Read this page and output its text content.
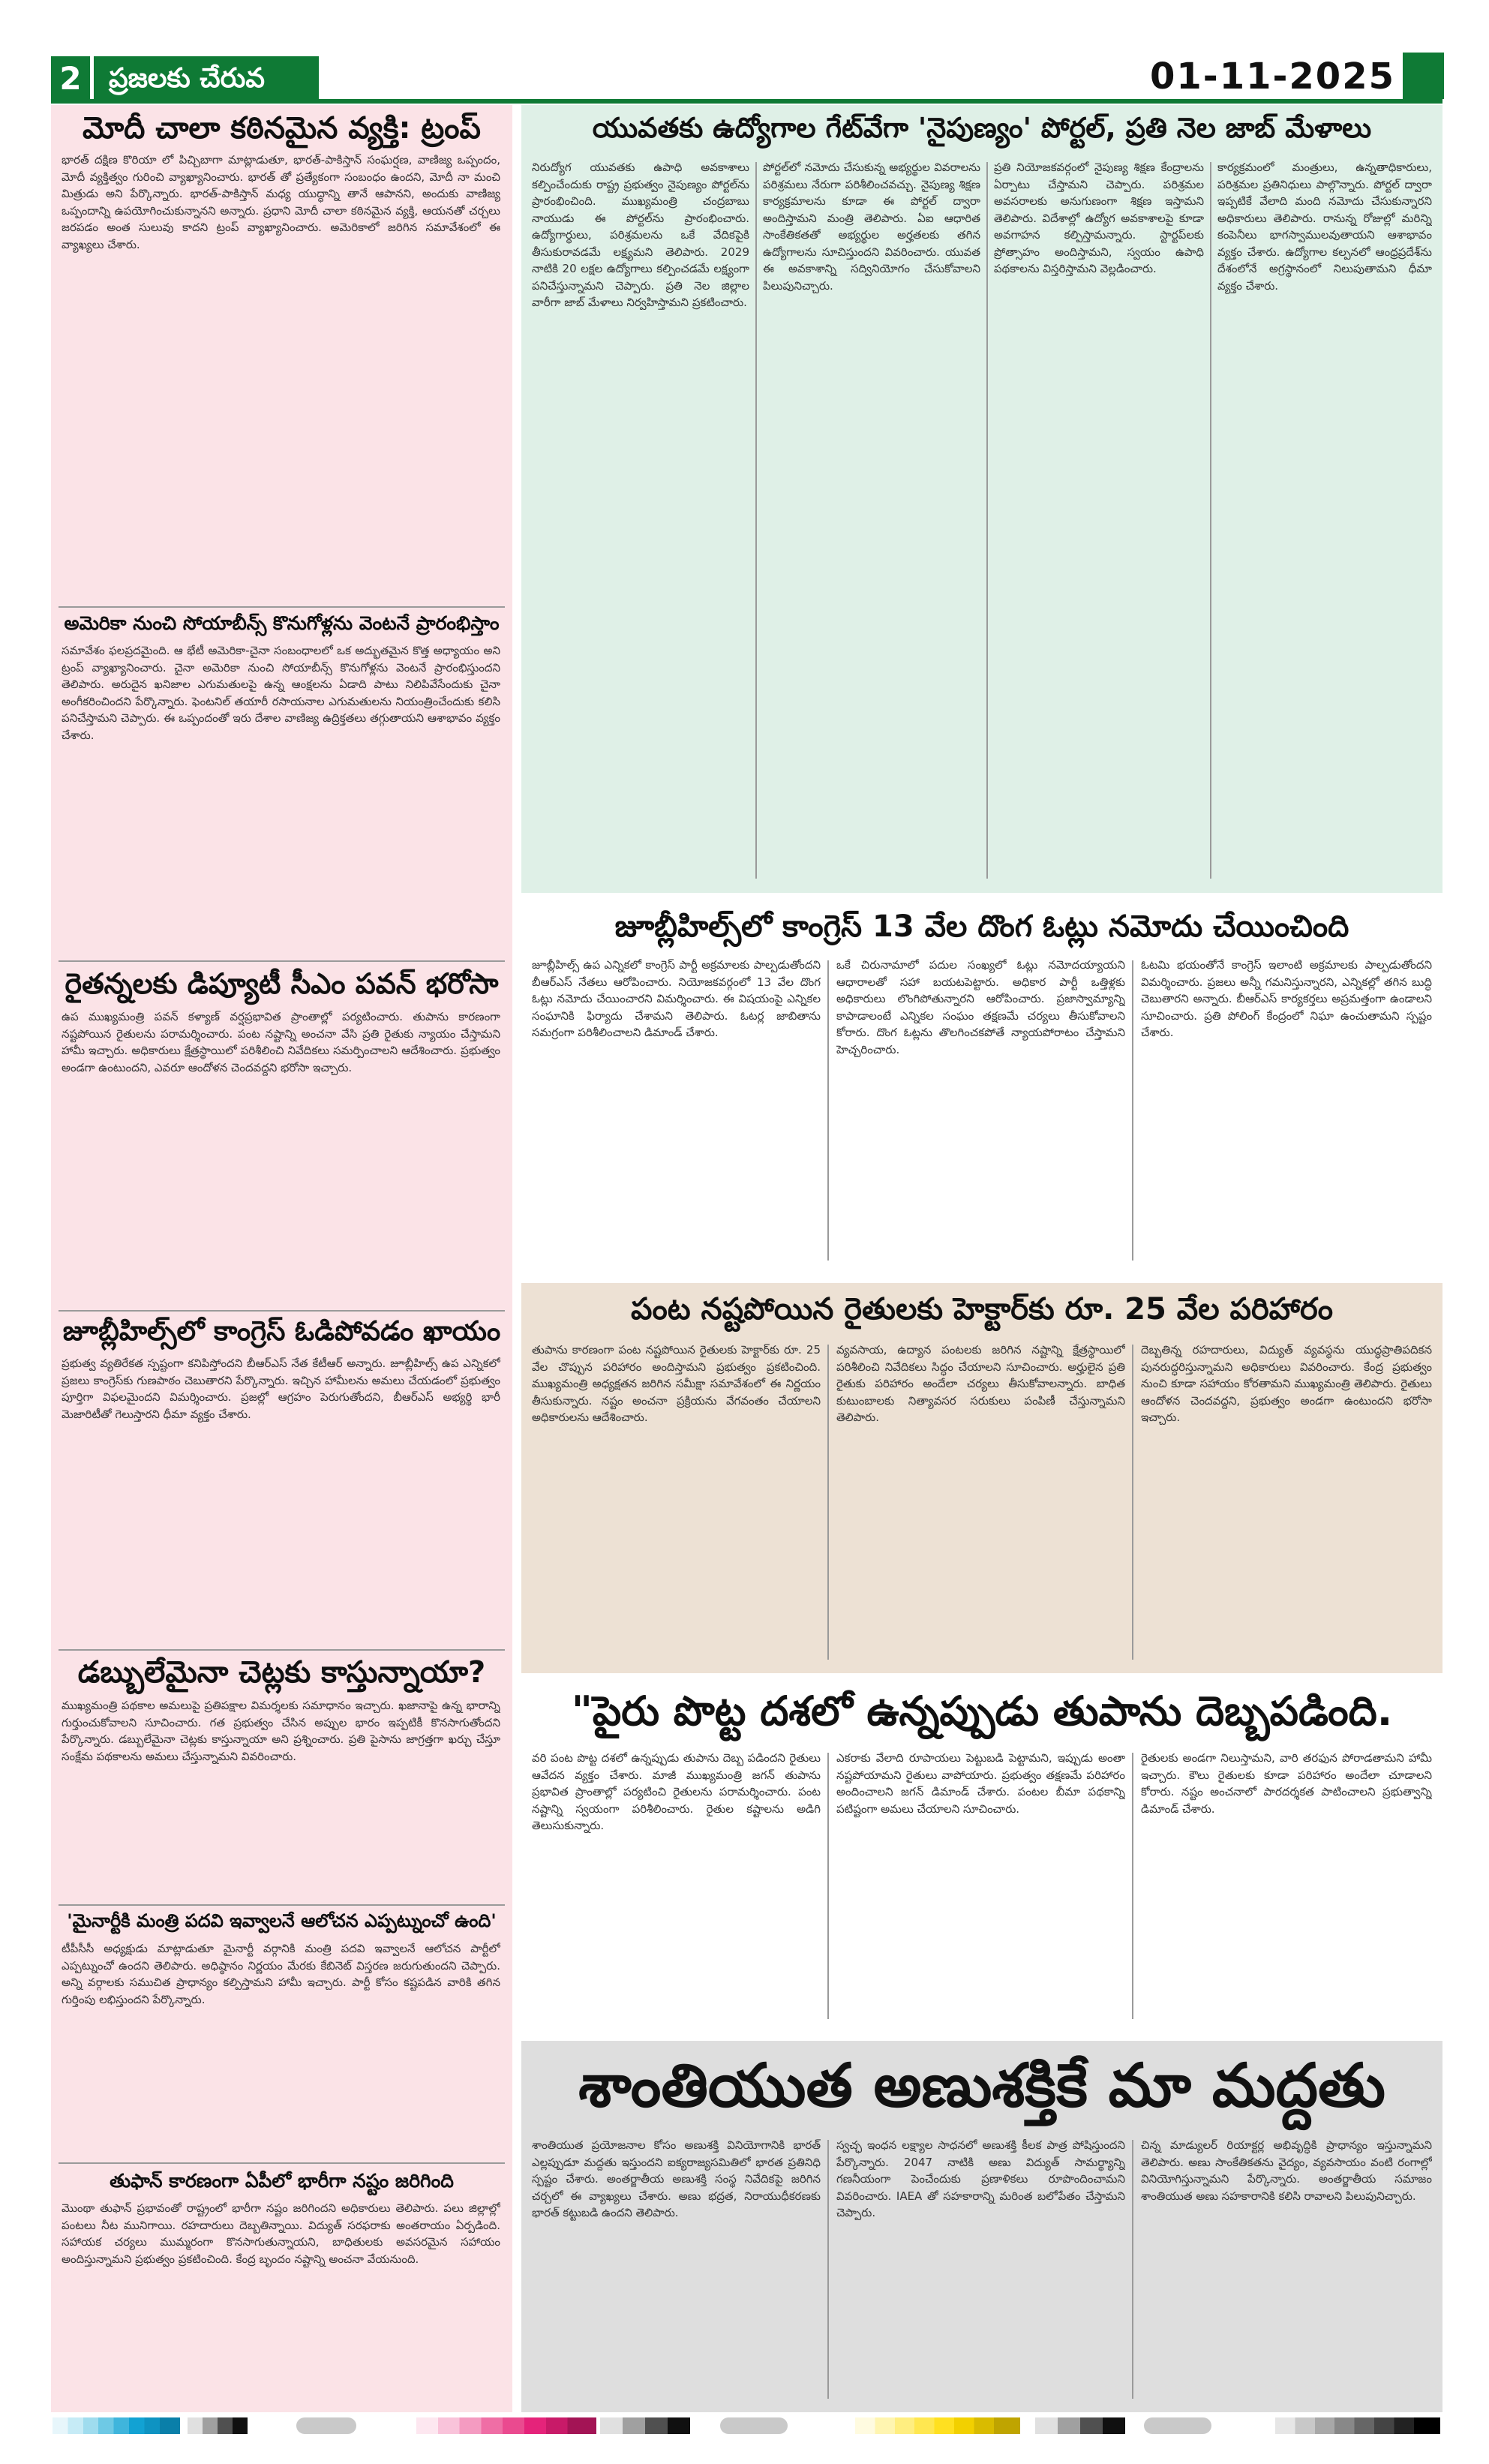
2	ప్రజలకు చేరువ	01-11-2025
మోదీ చాలా కఠినమైన వ్యక్తి: ట్రంప్
భారత్ దక్షిణ కొరియా లో పిచ్చిబాగా మాట్లాడుతూ, భారత్-పాకిస్తాన్ సంఘర్షణ, వాణిజ్య ఒప్పందం, మోదీ వ్యక్తిత్వం గురించి వ్యాఖ్యానించారు. భారత్ తో ప్రత్యేకంగా సంబంధం ఉందని, మోదీ నా మంచి మిత్రుడు అని పేర్కొన్నారు. భారత్-పాకిస్తాన్ మధ్య యుద్ధాన్ని తానే ఆపానని, అందుకు వాణిజ్య ఒప్పందాన్ని ఉపయోగించుకున్నానని అన్నారు. ప్రధాని మోదీ చాలా కఠినమైన వ్యక్తి, ఆయనతో చర్చలు జరపడం అంత సులువు కాదని ట్రంప్ వ్యాఖ్యానించారు. అమెరికాలో జరిగిన సమావేశంలో ఈ వ్యాఖ్యలు చేశారు.
అమెరికా నుంచి సోయాబీన్స్ కొనుగోళ్లను వెంటనే ప్రారంభిస్తాం
సమావేశం ఫలప్రదమైంది. ఆ భేటీ అమెరికా-చైనా సంబంధాలలో ఒక అద్భుతమైన కొత్త అధ్యాయం అని ట్రంప్ వ్యాఖ్యానించారు. చైనా అమెరికా నుంచి సోయాబీన్స్ కొనుగోళ్లను వెంటనే ప్రారంభిస్తుందని తెలిపారు. అరుదైన ఖనిజాల ఎగుమతులపై ఉన్న ఆంక్షలను ఏడాది పాటు నిలిపివేసేందుకు చైనా అంగీకరించిందని పేర్కొన్నారు. ఫెంటనిల్ తయారీ రసాయనాల ఎగుమతులను నియంత్రించేందుకు కలిసి పనిచేస్తామని చెప్పారు. ఈ ఒప్పందంతో ఇరు దేశాల వాణిజ్య ఉద్రిక్తతలు తగ్గుతాయని ఆశాభావం వ్యక్తం చేశారు.
రైతన్నలకు డిప్యూటీ సీఎం పవన్ భరోసా
ఉప ముఖ్యమంత్రి పవన్ కళ్యాణ్ వర్షప్రభావిత ప్రాంతాల్లో పర్యటించారు. తుపాను కారణంగా నష్టపోయిన రైతులను పరామర్శించారు. పంట నష్టాన్ని అంచనా వేసి ప్రతి రైతుకు న్యాయం చేస్తామని హామీ ఇచ్చారు. అధికారులు క్షేత్రస్థాయిలో పరిశీలించి నివేదికలు సమర్పించాలని ఆదేశించారు. ప్రభుత్వం అండగా ఉంటుందని, ఎవరూ ఆందోళన చెందవద్దని భరోసా ఇచ్చారు.
జూబ్లీహిల్స్‌లో కాంగ్రెస్ ఓడిపోవడం ఖాయం
ప్రభుత్వ వ్యతిరేకత స్పష్టంగా కనిపిస్తోందని బీఆర్ఎస్ నేత కేటీఆర్ అన్నారు. జూబ్లీహిల్స్ ఉప ఎన్నికలో ప్రజలు కాంగ్రెస్‌కు గుణపాఠం చెబుతారని పేర్కొన్నారు. ఇచ్చిన హామీలను అమలు చేయడంలో ప్రభుత్వం పూర్తిగా విఫలమైందని విమర్శించారు. ప్రజల్లో ఆగ్రహం పెరుగుతోందని, బీఆర్ఎస్ అభ్యర్థి భారీ మెజారిటీతో గెలుస్తారని ధీమా వ్యక్తం చేశారు.
డబ్బులేమైనా చెట్లకు కాస్తున్నాయా?
ముఖ్యమంత్రి పథకాల అమలుపై ప్రతిపక్షాల విమర్శలకు సమాధానం ఇచ్చారు. ఖజానాపై ఉన్న భారాన్ని గుర్తుంచుకోవాలని సూచించారు. గత ప్రభుత్వం చేసిన అప్పుల భారం ఇప్పటికీ కొనసాగుతోందని పేర్కొన్నారు. డబ్బులేమైనా చెట్లకు కాస్తున్నాయా అని ప్రశ్నించారు. ప్రతి పైసాను జాగ్రత్తగా ఖర్చు చేస్తూ సంక్షేమ పథకాలను అమలు చేస్తున్నామని వివరించారు.
'మైనార్టీకి మంత్రి పదవి ఇవ్వాలనే ఆలోచన ఎప్పట్నుంచో ఉంది'
టీపీసీసీ అధ్యక్షుడు మాట్లాడుతూ మైనార్టీ వర్గానికి మంత్రి పదవి ఇవ్వాలనే ఆలోచన పార్టీలో ఎప్పట్నుంచో ఉందని తెలిపారు. అధిష్ఠానం నిర్ణయం మేరకు కేబినెట్ విస్తరణ జరుగుతుందని చెప్పారు. అన్ని వర్గాలకు సముచిత ప్రాధాన్యం కల్పిస్తామని హామీ ఇచ్చారు. పార్టీ కోసం కష్టపడిన వారికి తగిన గుర్తింపు లభిస్తుందని పేర్కొన్నారు.
తుఫాన్ కారణంగా ఏపీలో భారీగా నష్టం జరిగింది
మొంథా తుఫాన్ ప్రభావంతో రాష్ట్రంలో భారీగా నష్టం జరిగిందని అధికారులు తెలిపారు. పలు జిల్లాల్లో పంటలు నీట మునిగాయి. రహదారులు దెబ్బతిన్నాయి. విద్యుత్ సరఫరాకు అంతరాయం ఏర్పడింది. సహాయక చర్యలు ముమ్మరంగా కొనసాగుతున్నాయని, బాధితులకు అవసరమైన సహాయం అందిస్తున్నామని ప్రభుత్వం ప్రకటించింది. కేంద్ర బృందం నష్టాన్ని అంచనా వేయనుంది.
యువతకు ఉద్యోగాల గేట్‌వేగా 'నైపుణ్యం' పోర్టల్, ప్రతి నెల జాబ్ మేళాలు
నిరుద్యోగ యువతకు ఉపాధి అవకాశాలు కల్పించేందుకు రాష్ట్ర ప్రభుత్వం నైపుణ్యం పోర్టల్‌ను ప్రారంభించింది. ముఖ్యమంత్రి చంద్రబాబు నాయుడు ఈ పోర్టల్‌ను ప్రారంభించారు. ఉద్యోగార్థులు, పరిశ్రమలను ఒకే వేదికపైకి తీసుకురావడమే లక్ష్యమని తెలిపారు. 2029 నాటికి 20 లక్షల ఉద్యోగాలు కల్పించడమే లక్ష్యంగా పనిచేస్తున్నామని చెప్పారు. ప్రతి నెల జిల్లాల వారీగా జాబ్ మేళాలు నిర్వహిస్తామని ప్రకటించారు.
పోర్టల్‌లో నమోదు చేసుకున్న అభ్యర్థుల వివరాలను పరిశ్రమలు నేరుగా పరిశీలించవచ్చు. నైపుణ్య శిక్షణ కార్యక్రమాలను కూడా ఈ పోర్టల్ ద్వారా అందిస్తామని మంత్రి తెలిపారు. ఏఐ ఆధారిత సాంకేతికతతో అభ్యర్థుల అర్హతలకు తగిన ఉద్యోగాలను సూచిస్తుందని వివరించారు. యువత ఈ అవకాశాన్ని సద్వినియోగం చేసుకోవాలని పిలుపునిచ్చారు.
ప్రతి నియోజకవర్గంలో నైపుణ్య శిక్షణ కేంద్రాలను ఏర్పాటు చేస్తామని చెప్పారు. పరిశ్రమల అవసరాలకు అనుగుణంగా శిక్షణ ఇస్తామని తెలిపారు. విదేశాల్లో ఉద్యోగ అవకాశాలపై కూడా అవగాహన కల్పిస్తామన్నారు. స్టార్టప్‌లకు ప్రోత్సాహం అందిస్తామని, స్వయం ఉపాధి పథకాలను విస్తరిస్తామని వెల్లడించారు.
కార్యక్రమంలో మంత్రులు, ఉన్నతాధికారులు, పరిశ్రమల ప్రతినిధులు పాల్గొన్నారు. పోర్టల్ ద్వారా ఇప్పటికే వేలాది మంది నమోదు చేసుకున్నారని అధికారులు తెలిపారు. రానున్న రోజుల్లో మరిన్ని కంపెనీలు భాగస్వాములవుతాయని ఆశాభావం వ్యక్తం చేశారు. ఉద్యోగాల కల్పనలో ఆంధ్రప్రదేశ్‌ను దేశంలోనే అగ్రస్థానంలో నిలుపుతామని ధీమా వ్యక్తం చేశారు.
జూబ్లీహిల్స్‌లో కాంగ్రెస్ 13 వేల దొంగ ఓట్లు నమోదు చేయించింది
జూబ్లీహిల్స్ ఉప ఎన్నికలో కాంగ్రెస్ పార్టీ అక్రమాలకు పాల్పడుతోందని బీఆర్ఎస్ నేతలు ఆరోపించారు. నియోజకవర్గంలో 13 వేల దొంగ ఓట్లు నమోదు చేయించారని విమర్శించారు. ఈ విషయంపై ఎన్నికల సంఘానికి ఫిర్యాదు చేశామని తెలిపారు. ఓటర్ల జాబితాను సమగ్రంగా పరిశీలించాలని డిమాండ్ చేశారు.
ఒకే చిరునామాలో పదుల సంఖ్యలో ఓట్లు నమోదయ్యాయని ఆధారాలతో సహా బయటపెట్టారు. అధికార పార్టీ ఒత్తిళ్లకు అధికారులు లొంగిపోతున్నారని ఆరోపించారు. ప్రజాస్వామ్యాన్ని కాపాడాలంటే ఎన్నికల సంఘం తక్షణమే చర్యలు తీసుకోవాలని కోరారు. దొంగ ఓట్లను తొలగించకపోతే న్యాయపోరాటం చేస్తామని హెచ్చరించారు.
ఓటమి భయంతోనే కాంగ్రెస్ ఇలాంటి అక్రమాలకు పాల్పడుతోందని విమర్శించారు. ప్రజలు అన్నీ గమనిస్తున్నారని, ఎన్నికల్లో తగిన బుద్ధి చెబుతారని అన్నారు. బీఆర్ఎస్ కార్యకర్తలు అప్రమత్తంగా ఉండాలని సూచించారు. ప్రతి పోలింగ్ కేంద్రంలో నిఘా ఉంచుతామని స్పష్టం చేశారు.
పంట నష్టపోయిన రైతులకు హెక్టార్‌కు రూ. 25 వేల పరిహారం
తుపాను కారణంగా పంట నష్టపోయిన రైతులకు హెక్టార్‌కు రూ. 25 వేల చొప్పున పరిహారం అందిస్తామని ప్రభుత్వం ప్రకటించింది. ముఖ్యమంత్రి అధ్యక్షతన జరిగిన సమీక్షా సమావేశంలో ఈ నిర్ణయం తీసుకున్నారు. నష్టం అంచనా ప్రక్రియను వేగవంతం చేయాలని అధికారులను ఆదేశించారు.
వ్యవసాయ, ఉద్యాన పంటలకు జరిగిన నష్టాన్ని క్షేత్రస్థాయిలో పరిశీలించి నివేదికలు సిద్ధం చేయాలని సూచించారు. అర్హులైన ప్రతి రైతుకు పరిహారం అందేలా చర్యలు తీసుకోవాలన్నారు. బాధిత కుటుంబాలకు నిత్యావసర సరుకులు పంపిణీ చేస్తున్నామని తెలిపారు.
దెబ్బతిన్న రహదారులు, విద్యుత్ వ్యవస్థను యుద్ధప్రాతిపదికన పునరుద్ధరిస్తున్నామని అధికారులు వివరించారు. కేంద్ర ప్రభుత్వం నుంచి కూడా సహాయం కోరతామని ముఖ్యమంత్రి తెలిపారు. రైతులు ఆందోళన చెందవద్దని, ప్రభుత్వం అండగా ఉంటుందని భరోసా ఇచ్చారు.
"పైరు పొట్ట దశలో ఉన్నప్పుడు తుపాను దెబ్బపడింది.
వరి పంట పొట్ట దశలో ఉన్నప్పుడు తుపాను దెబ్బ పడిందని రైతులు ఆవేదన వ్యక్తం చేశారు. మాజీ ముఖ్యమంత్రి జగన్ తుపాను ప్రభావిత ప్రాంతాల్లో పర్యటించి రైతులను పరామర్శించారు. పంట నష్టాన్ని స్వయంగా పరిశీలించారు. రైతుల కష్టాలను అడిగి తెలుసుకున్నారు.
ఎకరాకు వేలాది రూపాయలు పెట్టుబడి పెట్టామని, ఇప్పుడు అంతా నష్టపోయామని రైతులు వాపోయారు. ప్రభుత్వం తక్షణమే పరిహారం అందించాలని జగన్ డిమాండ్ చేశారు. పంటల బీమా పథకాన్ని పటిష్టంగా అమలు చేయాలని సూచించారు.
రైతులకు అండగా నిలుస్తామని, వారి తరఫున పోరాడతామని హామీ ఇచ్చారు. కౌలు రైతులకు కూడా పరిహారం అందేలా చూడాలని కోరారు. నష్టం అంచనాలో పారదర్శకత పాటించాలని ప్రభుత్వాన్ని డిమాండ్ చేశారు.
శాంతియుత అణుశక్తికే మా మద్దతు
శాంతియుత ప్రయోజనాల కోసం అణుశక్తి వినియోగానికి భారత్ ఎల్లప్పుడూ మద్దతు ఇస్తుందని ఐక్యరాజ్యసమితిలో భారత ప్రతినిధి స్పష్టం చేశారు. అంతర్జాతీయ అణుశక్తి సంస్థ నివేదికపై జరిగిన చర్చలో ఈ వ్యాఖ్యలు చేశారు. అణు భద్రత, నిరాయుధీకరణకు భారత్ కట్టుబడి ఉందని తెలిపారు.
స్వచ్ఛ ఇంధన లక్ష్యాల సాధనలో అణుశక్తి కీలక పాత్ర పోషిస్తుందని పేర్కొన్నారు. 2047 నాటికి అణు విద్యుత్ సామర్థ్యాన్ని గణనీయంగా పెంచేందుకు ప్రణాళికలు రూపొందించామని వివరించారు. IAEA తో సహకారాన్ని మరింత బలోపేతం చేస్తామని చెప్పారు.
చిన్న మాడ్యులర్ రియాక్టర్ల అభివృద్ధికి ప్రాధాన్యం ఇస్తున్నామని తెలిపారు. అణు సాంకేతికతను వైద్యం, వ్యవసాయం వంటి రంగాల్లో వినియోగిస్తున్నామని పేర్కొన్నారు. అంతర్జాతీయ సమాజం శాంతియుత అణు సహకారానికి కలిసి రావాలని పిలుపునిచ్చారు.
